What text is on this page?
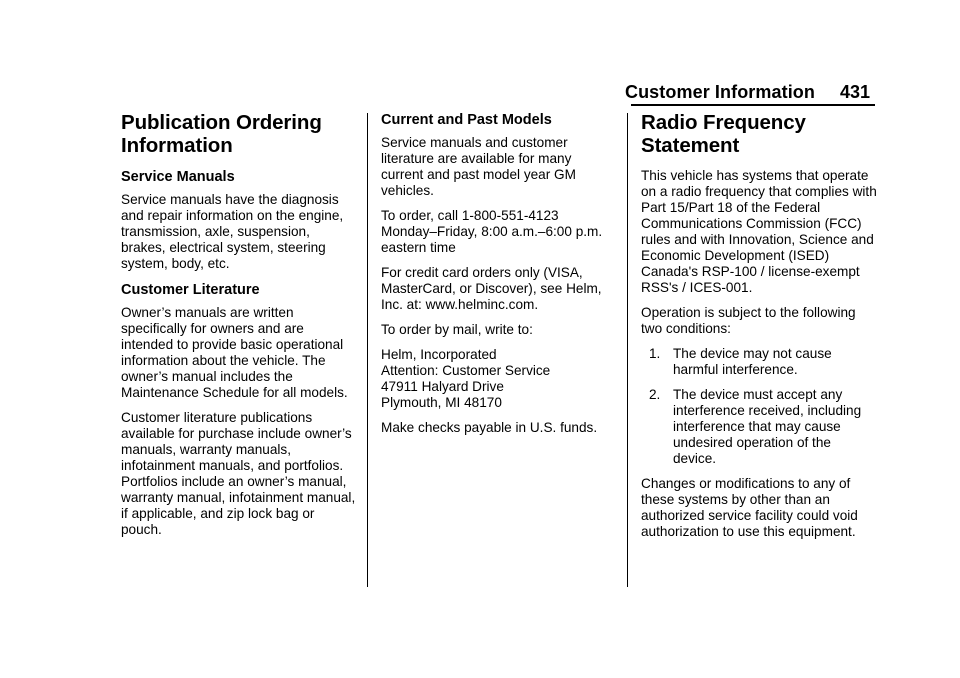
Customer Information 431
Publication Ordering Information
Service Manuals
Service manuals have the diagnosis and repair information on the engine, transmission, axle, suspension, brakes, electrical system, steering system, body, etc.
Customer Literature
Owner’s manuals are written specifically for owners and are intended to provide basic operational information about the vehicle. The owner’s manual includes the Maintenance Schedule for all models.
Customer literature publications available for purchase include owner’s manuals, warranty manuals, infotainment manuals, and portfolios. Portfolios include an owner’s manual, warranty manual, infotainment manual, if applicable, and zip lock bag or pouch.
Current and Past Models
Service manuals and customer literature are available for many current and past model year GM vehicles.
To order, call 1-800-551-4123 Monday–Friday, 8:00 a.m.–6:00 p.m. eastern time
For credit card orders only (VISA, MasterCard, or Discover), see Helm, Inc. at: www.helminc.com.
To order by mail, write to:
Helm, Incorporated
Attention: Customer Service
47911 Halyard Drive
Plymouth, MI 48170
Make checks payable in U.S. funds.
Radio Frequency Statement
This vehicle has systems that operate on a radio frequency that complies with Part 15/Part 18 of the Federal Communications Commission (FCC) rules and with Innovation, Science and Economic Development (ISED) Canada's RSP-100 / license-exempt RSS's / ICES-001.
Operation is subject to the following two conditions:
1. The device may not cause harmful interference.
2. The device must accept any interference received, including interference that may cause undesired operation of the device.
Changes or modifications to any of these systems by other than an authorized service facility could void authorization to use this equipment.
